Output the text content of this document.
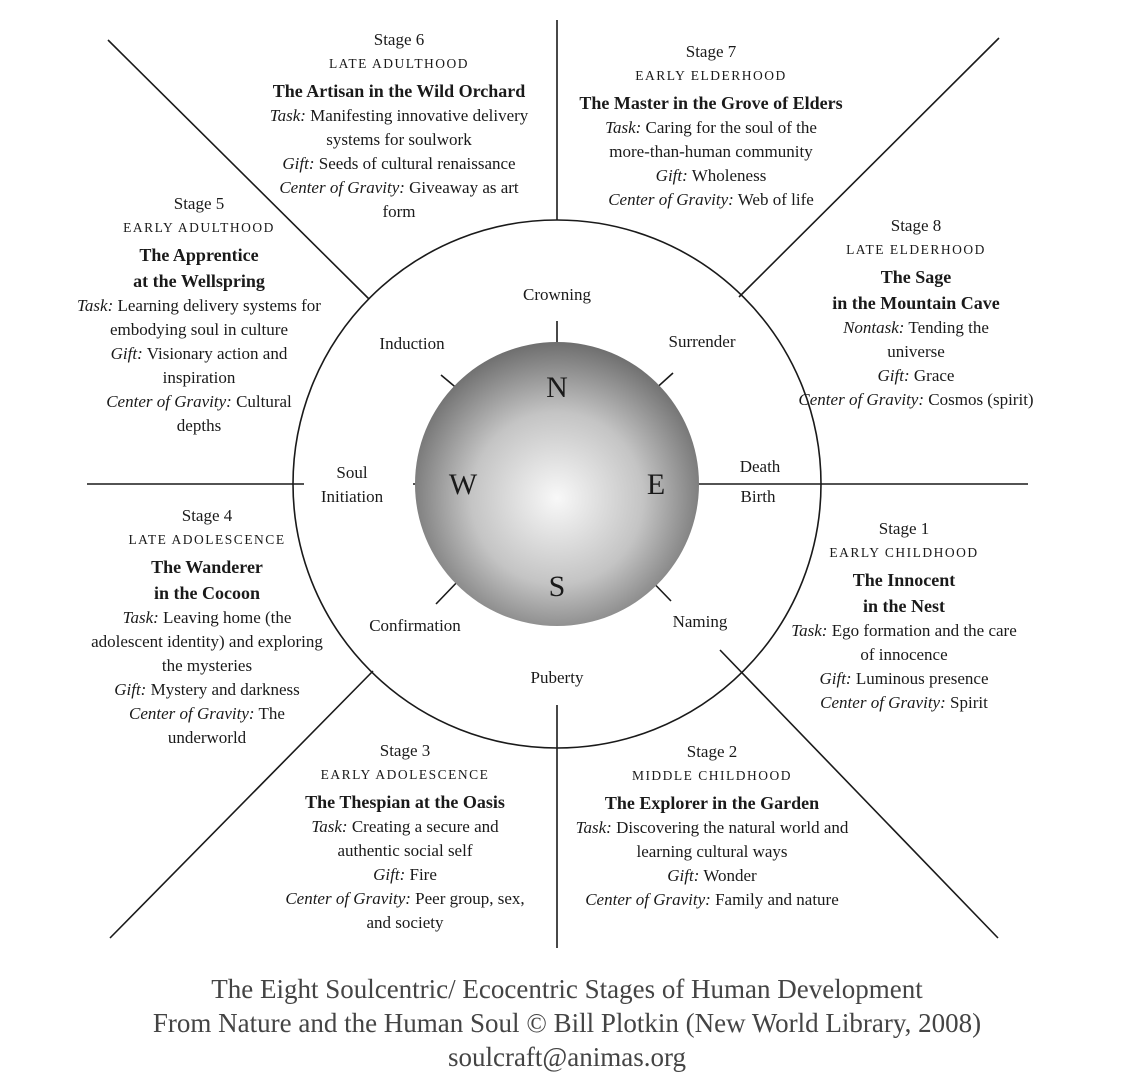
N
S
W	E
Crowning
Surrender
Induction
Soul
Initiation
Death
Birth
Confirmation	Naming
Puberty
Stage 6
LATE ADULTHOOD
The Artisan in the Wild Orchard
Task: Manifesting innovative delivery systems for soulwork
Gift: Seeds of cultural renaissance
Center of Gravity: Giveaway as art form
Stage 7
EARLY ELDERHOOD
The Master in the Grove of Elders
Task: Caring for the soul of the more-than-human community
Gift: Wholeness
Center of Gravity: Web of life
Stage 5
EARLY ADULTHOOD
The Apprentice
at the Wellspring
Task: Learning delivery systems for embodying soul in culture
Gift: Visionary action and inspiration
Center of Gravity: Cultural depths
Stage 8
LATE ELDERHOOD
The Sage
in the Mountain Cave
Nontask: Tending the universe
Gift: Grace
Center of Gravity: Cosmos (spirit)
Stage 4
LATE ADOLESCENCE
The Wanderer
in the Cocoon
Task: Leaving home (the adolescent identity) and exploring the mysteries
Gift: Mystery and darkness
Center of Gravity: The underworld
Stage 1
EARLY CHILDHOOD
The Innocent
in the Nest
Task: Ego formation and the care of innocence
Gift: Luminous presence
Center of Gravity: Spirit
Stage 3
EARLY ADOLESCENCE
The Thespian at the Oasis
Task: Creating a secure and authentic social self
Gift: Fire
Center of Gravity: Peer group, sex, and society
Stage 2
MIDDLE CHILDHOOD
The Explorer in the Garden
Task: Discovering the natural world and learning cultural ways
Gift: Wonder
Center of Gravity: Family and nature
The Eight Soulcentric/ Ecocentric Stages of Human Development
From Nature and the Human Soul © Bill Plotkin (New World Library, 2008)
soulcraft@animas.org
